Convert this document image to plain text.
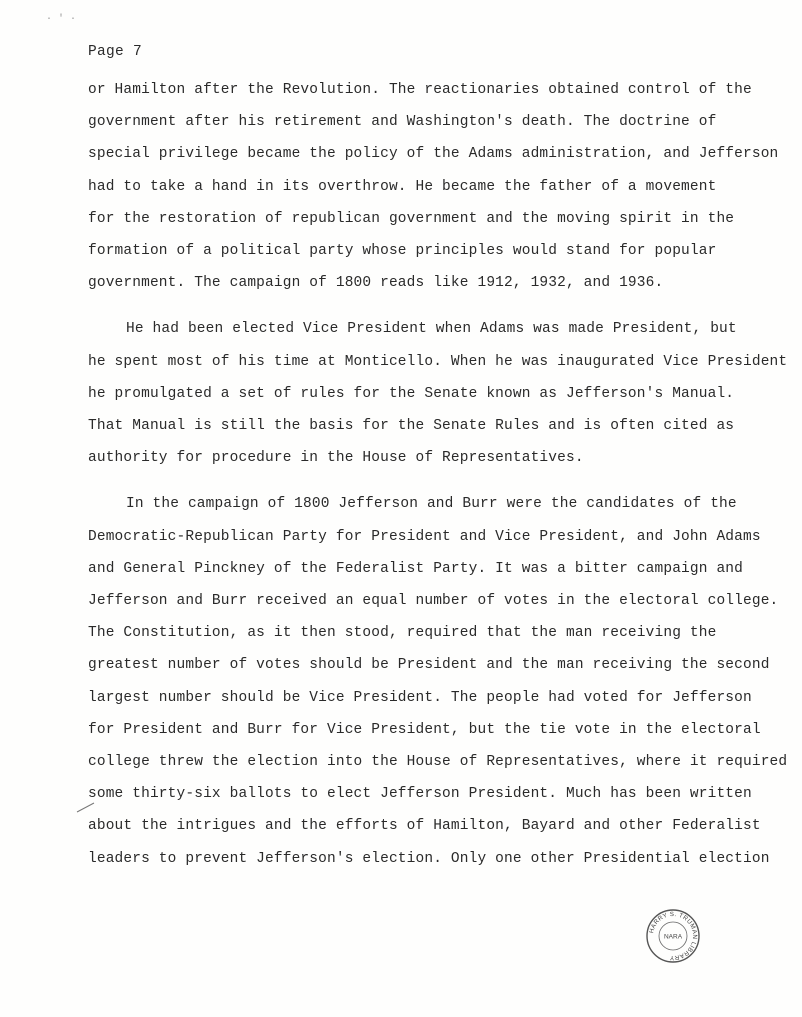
· ' ·
Page 7
or Hamilton after the Revolution. The reactionaries obtained control of the
government after his retirement and Washington's death. The doctrine of
special privilege became the policy of the Adams administration, and Jefferson
had to take a hand in its overthrow. He became the father of a movement
for the restoration of republican government and the moving spirit in the
formation of a political party whose principles would stand for popular
government. The campaign of 1800 reads like 1912, 1932, and 1936.
He had been elected Vice President when Adams was made President, but
he spent most of his time at Monticello. When he was inaugurated Vice President
he promulgated a set of rules for the Senate known as Jefferson's Manual.
That Manual is still the basis for the Senate Rules and is often cited as
authority for procedure in the House of Representatives.
In the campaign of 1800 Jefferson and Burr were the candidates of the
Democratic-Republican Party for President and Vice President, and John Adams
and General Pinckney of the Federalist Party. It was a bitter campaign and
Jefferson and Burr received an equal number of votes in the electoral college.
The Constitution, as it then stood, required that the man receiving the
greatest number of votes should be President and the man receiving the second
largest number should be Vice President. The people had voted for Jefferson
for President and Burr for Vice President, but the tie vote in the electoral
college threw the election into the House of Representatives, where it required
some thirty-six ballots to elect Jefferson President. Much has been written
about the intrigues and the efforts of Hamilton, Bayard and other Federalist
leaders to prevent Jefferson's election. Only one other Presidential election
HARRY S. TRUMAN LIBRARY
NARA
